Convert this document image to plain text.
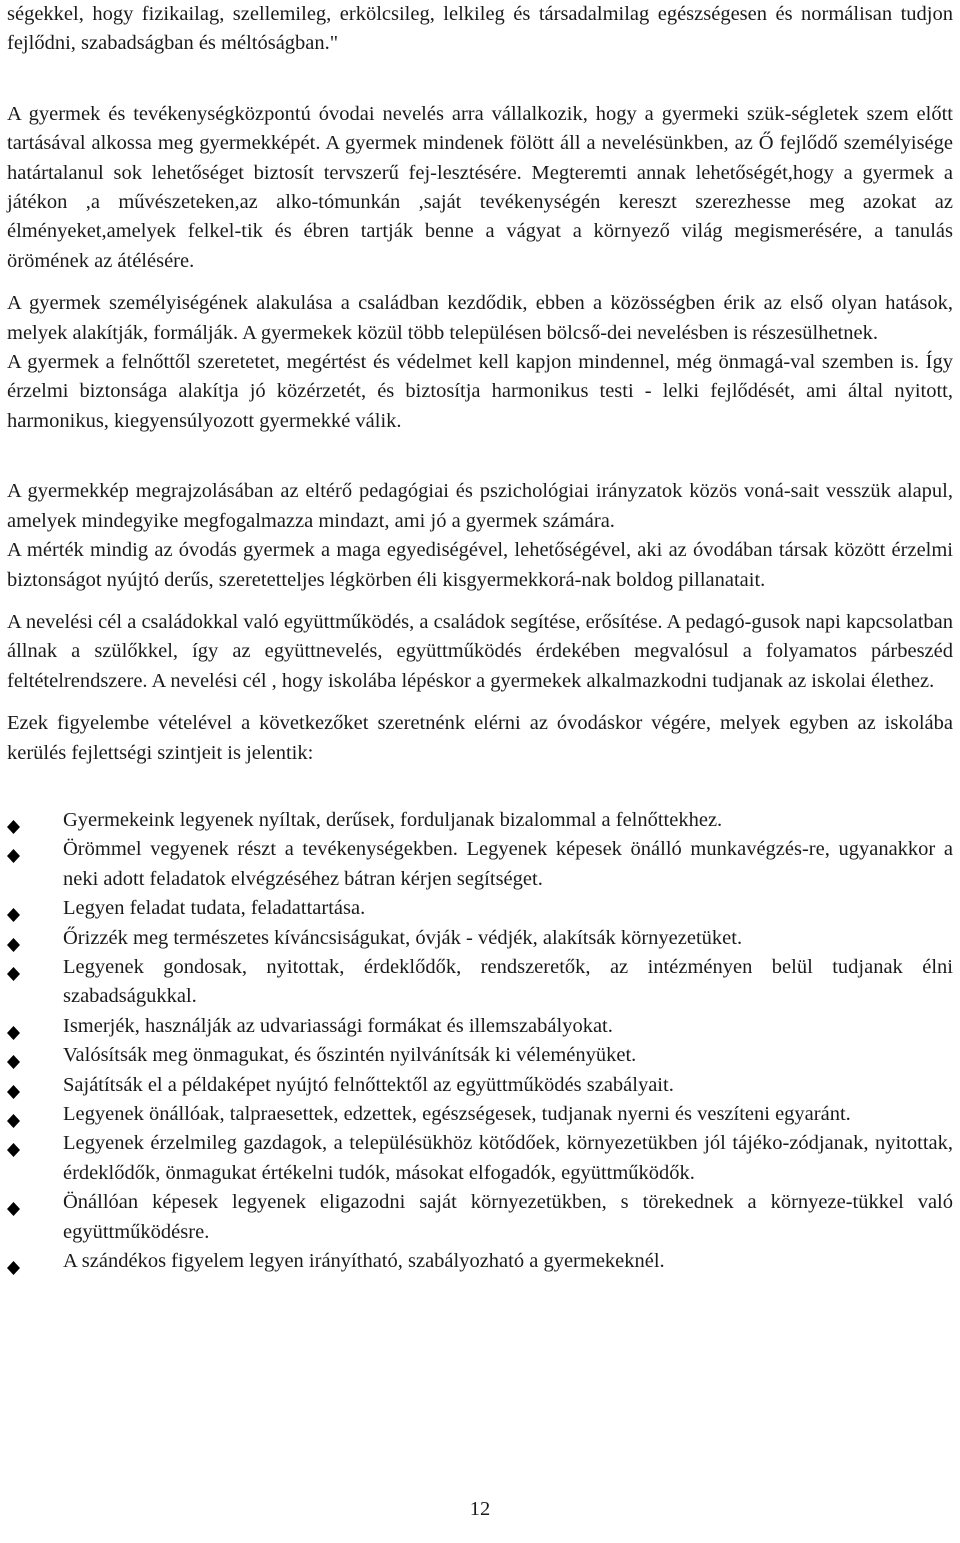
ségekkel, hogy fizikailag, szellemileg, erkölcsileg, lelkileg és társadalmilag egészségesen és normálisan tudjon fejlődni, szabadságban és méltóságban."

A gyermek és tevékenységközpontú óvodai nevelés arra vállalkozik, hogy a gyermeki szük-ségletek szem előtt tartásával alkossa meg gyermekképét. A gyermek mindenek fölött áll a nevelésünkben, az Ő fejlődő személyisége határtalanul sok lehetőséget biztosít tervszerű fej-lesztésére. Megteremti annak lehetőségét,hogy a gyermek a játékon ,a művészeteken,az alko-tómunkán ,saját tevékenységén kereszt szerezhesse meg azokat az élményeket,amelyek felkel-tik és ébren tartják benne a vágyat a környező világ megismerésére, a tanulás örömének az átélésére.

A gyermek személyiségének alakulása a családban kezdődik, ebben a közösségben érik az első olyan hatások, melyek alakítják, formálják. A gyermekek közül több településen bölcső-dei nevelésben is részesülhetnek.

A gyermek a felnőttől szeretetet, megértést és védelmet kell kapjon mindennel, még önmagá-val szemben is. Így érzelmi biztonsága alakítja jó közérzetét, és biztosítja harmonikus testi - lelki fejlődését, ami által nyitott, harmonikus, kiegyensúlyozott gyermekké válik.

A gyermekkép megrajzolásában az eltérő pedagógiai és pszichológiai irányzatok közös voná-sait vesszük alapul, amelyek mindegyike megfogalmazza mindazt, ami jó a gyermek számára.

A mérték mindig az óvodás gyermek a maga egyediségével, lehetőségével, aki az óvodában társak között érzelmi biztonságot nyújtó derűs, szeretetteljes légkörben éli kisgyermekkorá-nak boldog pillanatait.

A nevelési cél a családokkal való együttműködés, a családok segítése, erősítése. A pedagó-gusok napi kapcsolatban állnak a szülőkkel, így az együttnevelés, együttműködés érdekében megvalósul a folyamatos párbeszéd feltételrendszere. A nevelési cél , hogy iskolába lépéskor a gyermekek alkalmazkodni tudjanak az iskolai élethez.

Ezek figyelembe vételével a következőket szeretnénk elérni az óvodáskor végére, melyek egyben az iskolába kerülés fejlettségi szintjeit is jelentik:

Gyermekeink legyenek nyíltak, derűsek, forduljanak bizalommal a felnőttekhez.
Örömmel vegyenek részt a tevékenységekben. Legyenek képesek önálló munkavégzés-re, ugyanakkor a neki adott feladatok elvégzéséhez bátran kérjen segítséget.
Legyen feladat tudata, feladattartása.
Őrizzék meg természetes kíváncsiságukat, óvják - védjék, alakítsák környezetüket.
Legyenek gondosak, nyitottak, érdeklődők, rendszeretők, az intézményen belül tudjanak élni szabadságukkal.
Ismerjék, használják az udvariassági formákat és illemszabályokat.
Valósítsák meg önmagukat, és őszintén nyilvánítsák ki véleményüket.
Sajátítsák el a példaképet nyújtó felnőttektől az együttműködés szabályait.
Legyenek önállóak, talpraesettek, edzettek, egészségesek, tudjanak nyerni és veszíteni egyaránt.
Legyenek érzelmileg gazdagok, a településükhöz kötődőek, környezetükben jól tájéko-zódjanak, nyitottak, érdeklődők, önmagukat értékelni tudók, másokat elfogadók, együttműködők.
Önállóan képesek legyenek eligazodni saját környezetükben, s törekednek a környeze-tükkel való együttműködésre.
A szándékos figyelem legyen irányítható, szabályozható a gyermekeknél.
12
